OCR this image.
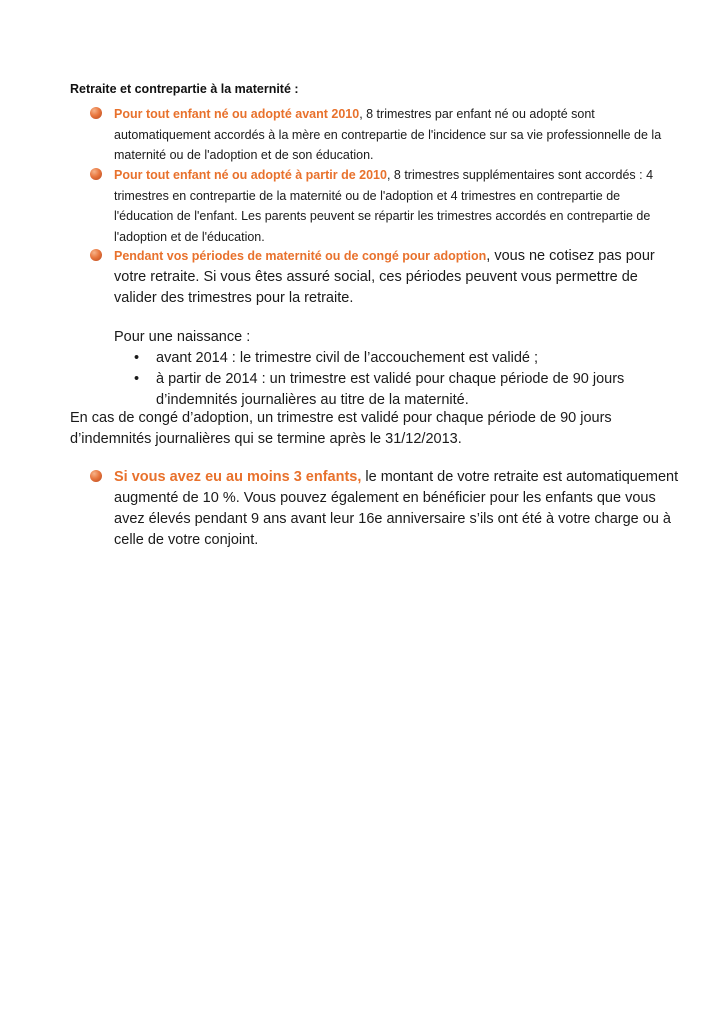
Retraite et contrepartie à la maternité :
Pour tout enfant né ou adopté avant 2010, 8 trimestres par enfant né ou adopté sont automatiquement accordés à la mère en contrepartie de l'incidence sur sa vie professionnelle de la maternité ou de l'adoption et de son éducation.
Pour tout enfant né ou adopté à partir de 2010, 8 trimestres supplémentaires sont accordés : 4 trimestres en contrepartie de la maternité ou de l'adoption et 4 trimestres en contrepartie de l'éducation de l'enfant. Les parents peuvent se répartir les trimestres accordés en contrepartie de l'adoption et de l'éducation.
Pendant vos périodes de maternité ou de congé pour adoption, vous ne cotisez pas pour votre retraite. Si vous êtes assuré social, ces périodes peuvent vous permettre de valider des trimestres pour la retraite.
Pour une naissance :
• avant 2014 : le trimestre civil de l’accouchement est validé ;
• à partir de 2014 : un trimestre est validé pour chaque période de 90 jours d’indemnités journalières au titre de la maternité.
En cas de congé d’adoption, un trimestre est validé pour chaque période de 90 jours d’indemnités journalières qui se termine après le 31/12/2013.
Si vous avez eu au moins 3 enfants, le montant de votre retraite est automatiquement augmenté de 10 %. Vous pouvez également en bénéficier pour les enfants que vous avez élevés pendant 9 ans avant leur 16e anniversaire s’ils ont été à votre charge ou à celle de votre conjoint.
